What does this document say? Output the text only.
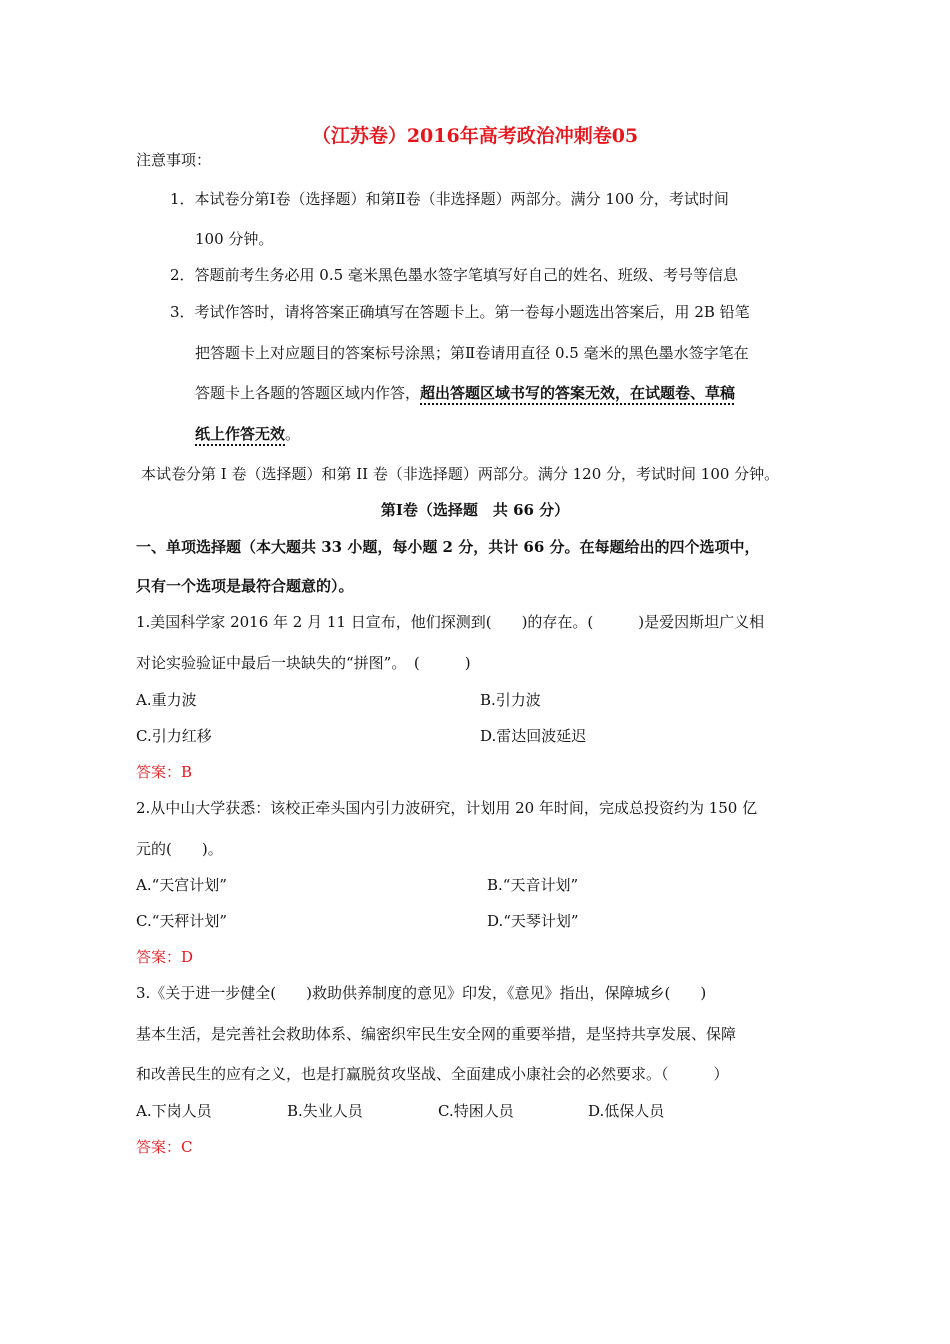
（江苏卷）2016年高考政治冲刺卷05
注意事项：
1．本试卷分第Ⅰ卷（选择题）和第Ⅱ卷（非选择题）两部分。满分 100 分，考试时间
100 分钟。
2．答题前考生务必用 0.5 毫米黑色墨水签字笔填写好自己的姓名、班级、考号等信息
3．考试作答时，请将答案正确填写在答题卡上。第一卷每小题选出答案后，用 2B 铅笔
把答题卡上对应题目的答案标号涂黑；第Ⅱ卷请用直径 0.5 毫米的黑色墨水签字笔在
答题卡上各题的答题区域内作答，超出答题区域书写的答案无效，在试题卷、草稿
纸上作答无效。
本试卷分第 I 卷（选择题）和第 II 卷（非选择题）两部分。满分 120 分，考试时间 100 分钟。
第Ⅰ卷（选择题　共 66 分）
一、单项选择题（本大题共 33 小题，每小题 2 分，共计 66 分。在每题给出的四个选项中，
只有一个选项是最符合题意的）。
1.美国科学家 2016 年 2 月 11 日宣布，他们探测到(　　)的存在。(　　　)是爱因斯坦广义相
对论实验验证中最后一块缺失的“拼图”。　(　　　)
A.重力波	B.引力波
C.引力红移	D.雷达回波延迟
答案：B
2.从中山大学获悉：该校正牵头国内引力波研究，计划用 20 年时间，完成总投资约为 150 亿
元的(　　)。
A.“天宫计划”	B.“天音计划”
C.“天秤计划”	D.“天琴计划”
答案：D
3.《关于进一步健全(　　)救助供养制度的意见》印发，《意见》指出，保障城乡(　　)
基本生活，是完善社会救助体系、编密织牢民生安全网的重要举措，是坚持共享发展、保障
和改善民生的应有之义，也是打赢脱贫攻坚战、全面建成小康社会的必然要求。（　　　）
A.下岗人员	B.失业人员	C.特困人员	D.低保人员
答案：C
